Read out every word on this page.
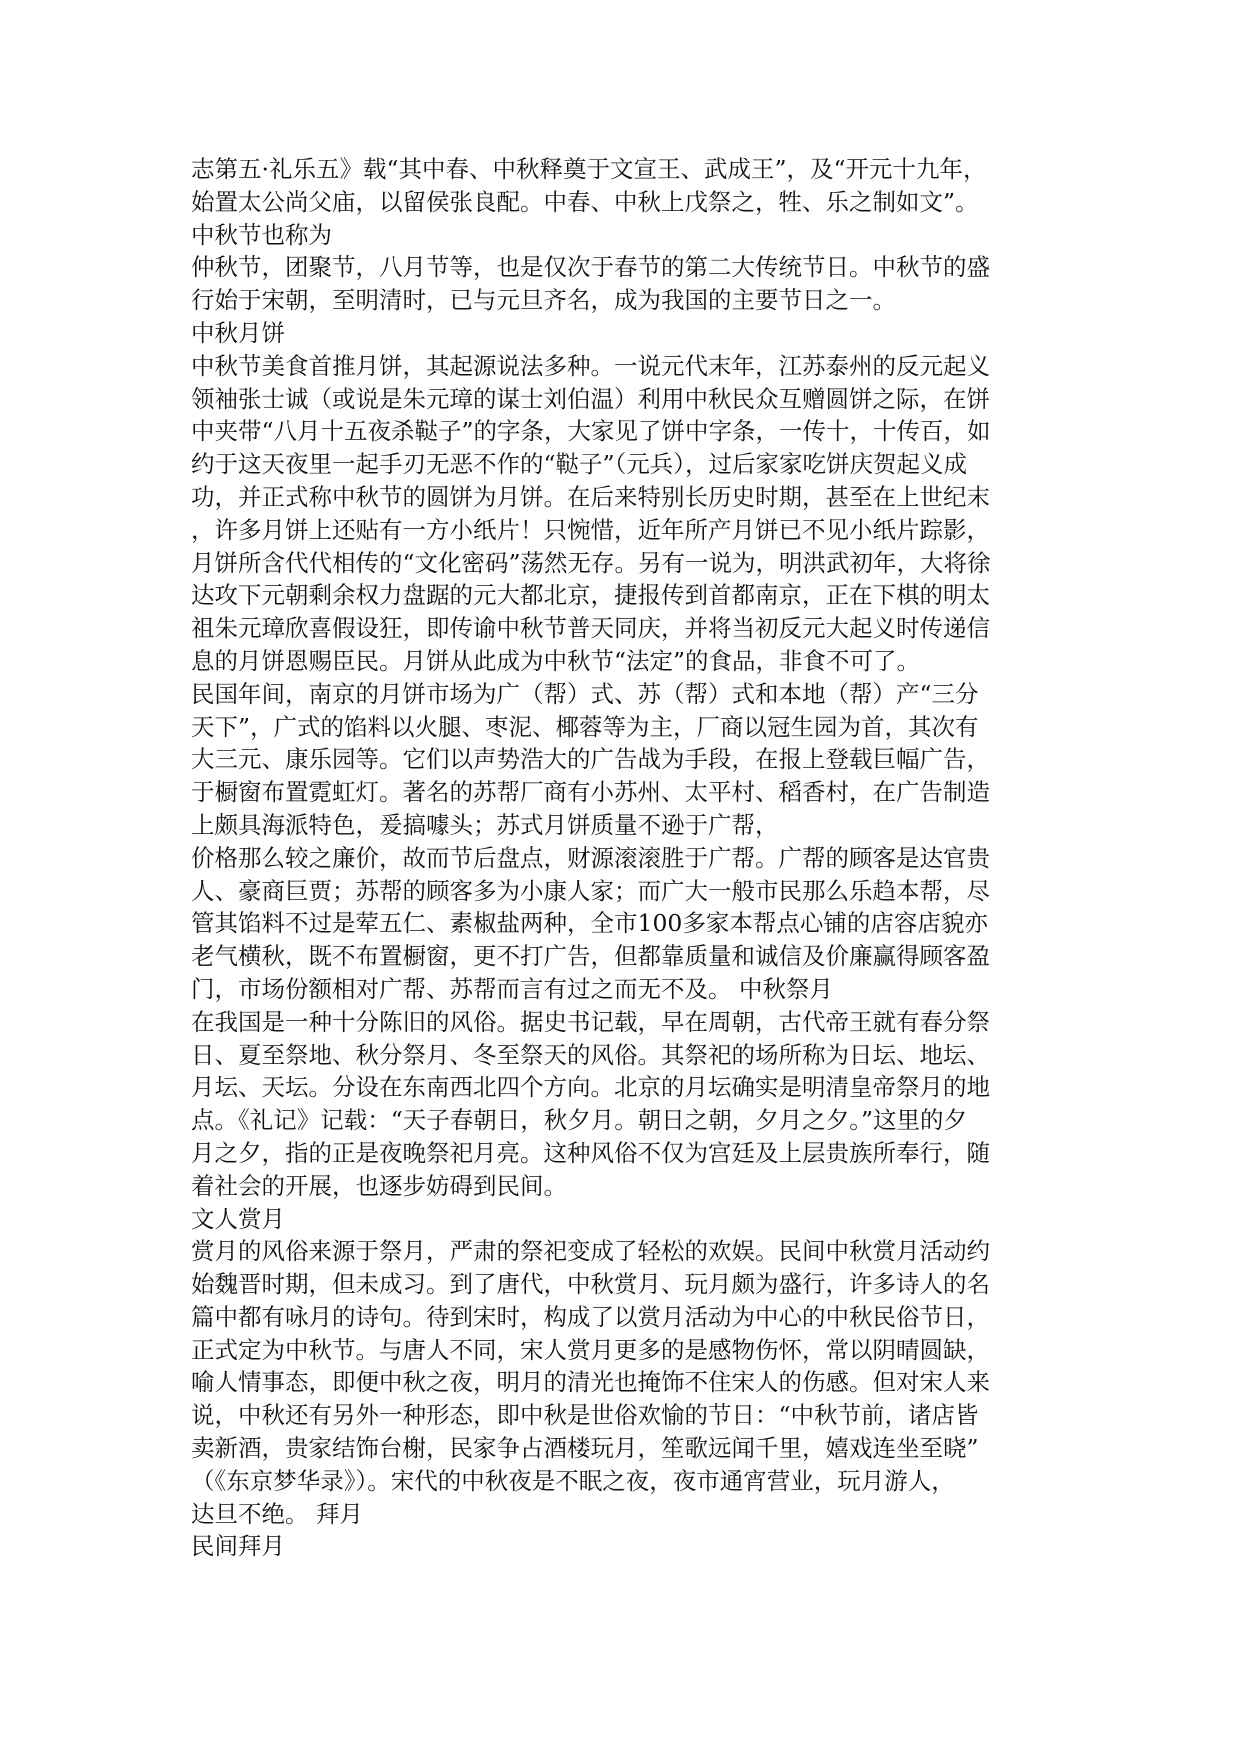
志第五·礼乐五》载“其中春、中秋释奠于文宣王、武成王”，及“开元十九年，
始置太公尚父庙，以留侯张良配。中春、中秋上戊祭之，牲、乐之制如文”。
中秋节也称为
仲秋节，团聚节，八月节等，也是仅次于春节的第二大传统节日。中秋节的盛
行始于宋朝，至明清时，已与元旦齐名，成为我国的主要节日之一。
中秋月饼
中秋节美食首推月饼，其起源说法多种。一说元代末年，江苏泰州的反元起义
领袖张士诚（或说是朱元璋的谋士刘伯温）利用中秋民众互赠圆饼之际，在饼
中夹带“八月十五夜杀鞑子”的字条，大家见了饼中字条，一传十，十传百，如
约于这天夜里一起手刃无恶不作的“鞑子”（元兵），过后家家吃饼庆贺起义成
功，并正式称中秋节的圆饼为月饼。在后来特别长历史时期，甚至在上世纪末
，许多月饼上还贴有一方小纸片！只惋惜，近年所产月饼已不见小纸片踪影，
月饼所含代代相传的“文化密码”荡然无存。另有一说为，明洪武初年，大将徐
达攻下元朝剩余权力盘踞的元大都北京，捷报传到首都南京，正在下棋的明太
祖朱元璋欣喜假设狂，即传谕中秋节普天同庆，并将当初反元大起义时传递信
息的月饼恩赐臣民。月饼从此成为中秋节“法定”的食品，非食不可了。
民国年间，南京的月饼市场为广（帮）式、苏（帮）式和本地（帮）产“三分
天下”，广式的馅料以火腿、枣泥、椰蓉等为主，厂商以冠生园为首，其次有
大三元、康乐园等。它们以声势浩大的广告战为手段，在报上登载巨幅广告，
于橱窗布置霓虹灯。著名的苏帮厂商有小苏州、太平村、稻香村，在广告制造
上颇具海派特色，爰搞噱头；苏式月饼质量不逊于广帮，
价格那么较之廉价，故而节后盘点，财源滚滚胜于广帮。广帮的顾客是达官贵
人、豪商巨贾；苏帮的顾客多为小康人家；而广大一般市民那么乐趋本帮，尽
管其馅料不过是荤五仁、素椒盐两种，全市100多家本帮点心铺的店容店貌亦
老气横秋，既不布置橱窗，更不打广告，但都靠质量和诚信及价廉赢得顾客盈
门，市场份额相对广帮、苏帮而言有过之而无不及。 中秋祭月
在我国是一种十分陈旧的风俗。据史书记载，早在周朝，古代帝王就有春分祭
日、夏至祭地、秋分祭月、冬至祭天的风俗。其祭祀的场所称为日坛、地坛、
月坛、天坛。分设在东南西北四个方向。北京的月坛确实是明清皇帝祭月的地
点。《礼记》记载：“天子春朝日，秋夕月。朝日之朝，夕月之夕。”这里的夕
月之夕，指的正是夜晚祭祀月亮。这种风俗不仅为宫廷及上层贵族所奉行，随
着社会的开展，也逐步妨碍到民间。
文人赏月
赏月的风俗来源于祭月，严肃的祭祀变成了轻松的欢娱。民间中秋赏月活动约
始魏晋时期，但未成习。到了唐代，中秋赏月、玩月颇为盛行，许多诗人的名
篇中都有咏月的诗句。待到宋时，构成了以赏月活动为中心的中秋民俗节日，
正式定为中秋节。与唐人不同，宋人赏月更多的是感物伤怀，常以阴晴圆缺，
喻人情事态，即便中秋之夜，明月的清光也掩饰不住宋人的伤感。但对宋人来
说，中秋还有另外一种形态，即中秋是世俗欢愉的节日：“中秋节前，诸店皆
卖新酒，贵家结饰台榭，民家争占酒楼玩月，笙歌远闻千里，嬉戏连坐至晓”
（《东京梦华录》）。宋代的中秋夜是不眠之夜，夜市通宵营业，玩月游人，
达旦不绝。 拜月
民间拜月
